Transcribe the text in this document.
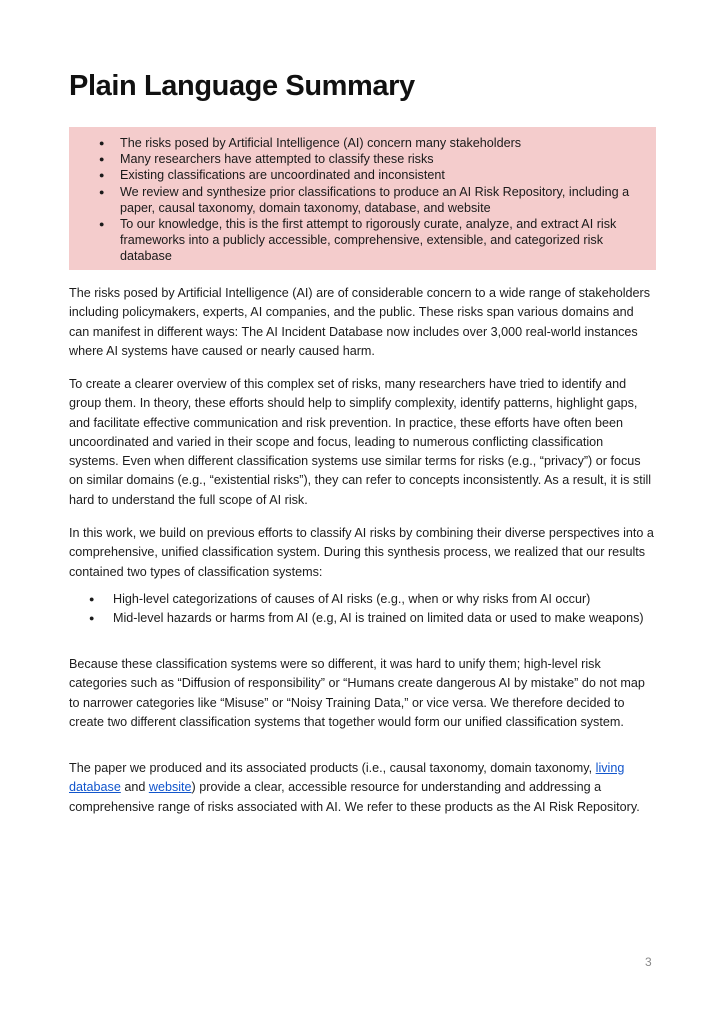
Plain Language Summary
● The risks posed by Artificial Intelligence (AI) concern many stakeholders
● Many researchers have attempted to classify these risks
● Existing classifications are uncoordinated and inconsistent
● We review and synthesize prior classifications to produce an AI Risk Repository, including a paper, causal taxonomy, domain taxonomy, database, and website
● To our knowledge, this is the first attempt to rigorously curate, analyze, and extract AI risk frameworks into a publicly accessible, comprehensive, extensible, and categorized risk database

The risks posed by Artificial Intelligence (AI) are of considerable concern to a wide range of stakeholders including policymakers, experts, AI companies, and the public. These risks span various domains and can manifest in different ways: The AI Incident Database now includes over 3,000 real-world instances where AI systems have caused or nearly caused harm.

To create a clearer overview of this complex set of risks, many researchers have tried to identify and group them. In theory, these efforts should help to simplify complexity, identify patterns, highlight gaps, and facilitate effective communication and risk prevention. In practice, these efforts have often been uncoordinated and varied in their scope and focus, leading to numerous conflicting classification systems. Even when different classification systems use similar terms for risks (e.g., “privacy”) or focus on similar domains (e.g., “existential risks”), they can refer to concepts inconsistently. As a result, it is still hard to understand the full scope of AI risk.

In this work, we build on previous efforts to classify AI risks by combining their diverse perspectives into a comprehensive, unified classification system. During this synthesis process, we realized that our results contained two types of classification systems:

● High-level categorizations of causes of AI risks (e.g., when or why risks from AI occur)
● Mid-level hazards or harms from AI (e.g, AI is trained on limited data or used to make weapons)

Because these classification systems were so different, it was hard to unify them; high-level risk categories such as “Diffusion of responsibility” or “Humans create dangerous AI by mistake” do not map to narrower categories like “Misuse” or “Noisy Training Data,” or vice versa. We therefore decided to create two different classification systems that together would form our unified classification system.

The paper we produced and its associated products (i.e., causal taxonomy, domain taxonomy, living database and website) provide a clear, accessible resource for understanding and addressing a comprehensive range of risks associated with AI. We refer to these products as the AI Risk Repository.

3
